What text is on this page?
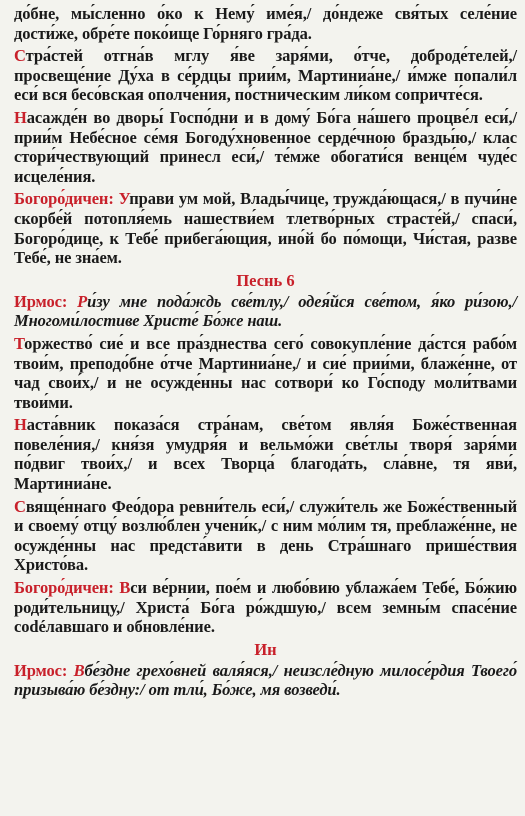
до́бне, мы́сленно о́ко к Нему́ име́я,/ до́ндеже свя́тых селе́ние дости́же, обре́те поко́ище Го́рняго гра́да.

Стра́стей отгна́в мглу я́ве заря́ми, о́тче, доброде́телей,/ просвеще́ние Ду́ха в се́рдцы прии́м, Мартиниа́не,/ и́мже попали́л еси́ вся бесо́вская ополче́ния, по́стническим ли́ком сопричте́ся.

Насажде́н во дворы́ Госпо́дни и в дому́ Бо́га на́шего процве́л еси́,/ прии́м Небе́сное се́мя Богоду́хновенное серде́чною бразды́ю,/ клас стори́чествующий принесл еси́,/ те́мже обогати́ся венце́м чуде́с исцеле́ния.

Богоро́дичен: Управи ум мой, Влады́чице, тружда́ющася,/ в пучи́не скорбе́й потопля́емь нашестви́ем тлетво́рных страсте́й,/ спаси́, Богоро́дице, к Тебе́ прибега́ющия, ино́й бо по́мощи, Чи́стая, разве Тебе́, не зна́ем.

Песнь 6

Ирмос: Ри́зу мне пода́ждь све́тлу,/ одея́йся све́том, я́ко ри́зою,/ Многоми́лостиве Христе́ Бо́же наш.

Торжество́ сие́ и все пра́зднества сего́ совокупле́ние да́стся рабо́м твои́м, преподо́бне о́тче Мартиниа́не,/ и сие́ прии́ми, блаже́нне, от чад свои́х,/ и не осужде́нны нас сотвори́ ко Го́споду моли́твами твои́ми.

Наста́вник показа́ся стра́нам, све́том явля́я Боже́ственная повеле́ния,/ кня́зя умудря́я и вельмо́жи све́тлы творя́ заря́ми по́двиг твои́х,/ и всех Творца́ благода́ть, сла́вне, тя яви́, Мартиниа́не.

Свяще́ннаго Фео́дора ревни́тель еси́,/ служи́тель же Боже́ственный и своему́ отцу́ возлю́блен учени́к,/ с ним мо́лим тя, преблаже́нне, не осужде́нны нас предста́вити в день Стра́шнаго прише́ствия Христо́ва.

Богоро́дичен: Вси ве́рнии, пое́м и любо́вию ублажа́ем Тебе́, Бо́жию роди́тельницу,/ Христа́ Бо́га ро́ждшую,/ всем земны́м спасе́ние сodéлавшаго и обновле́ние.

Ин

Ирмос: Вбе́здне грехо́вней валя́яся,/ неизсле́дную милосе́рдия Твоего́ призыва́ю бе́здну:/ от тли́, Бо́же, мя возведи́.
